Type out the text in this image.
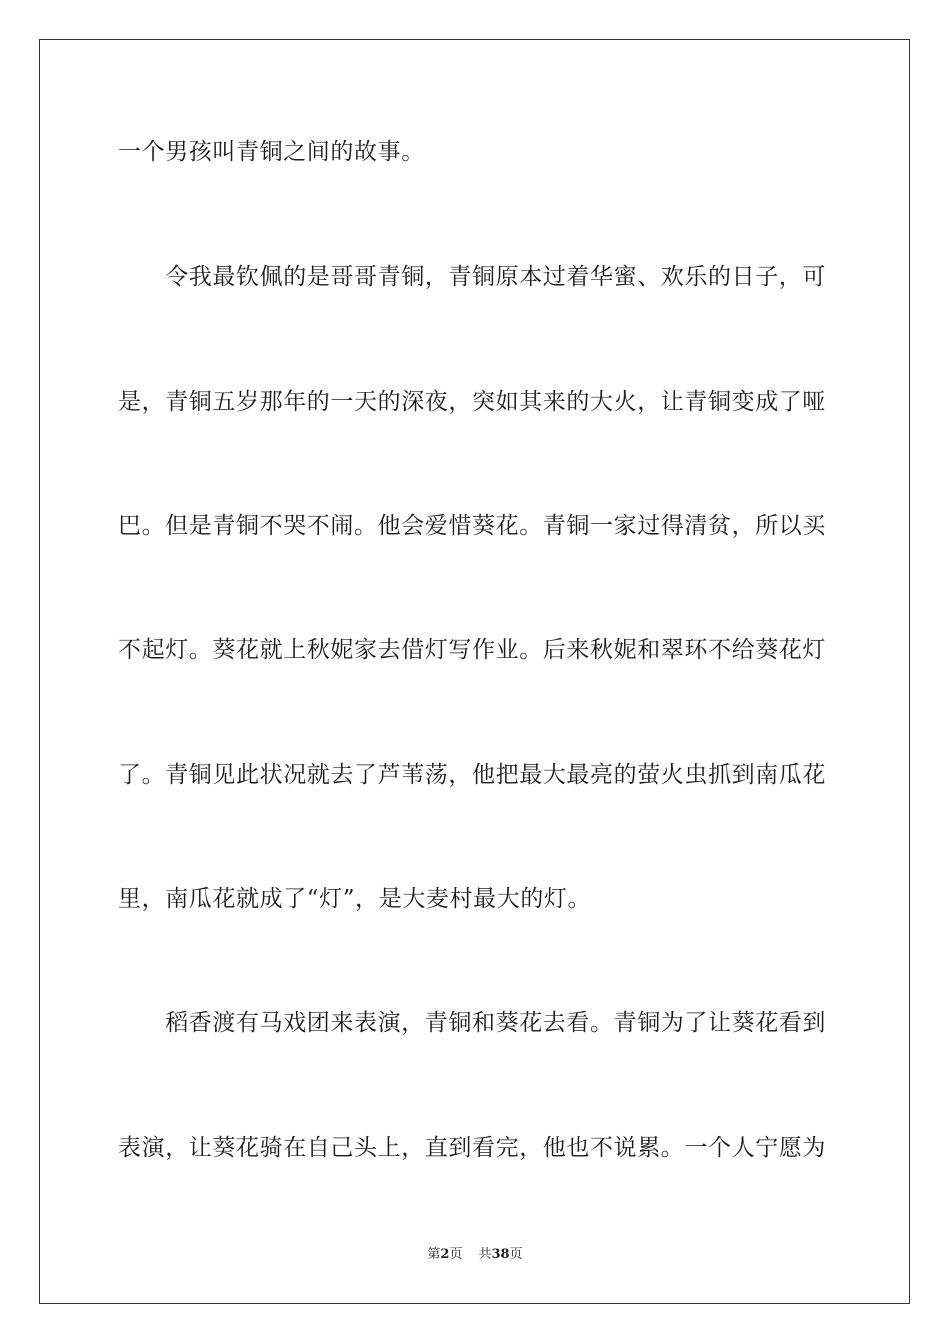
一个男孩叫青铜之间的故事。
　　令我最钦佩的是哥哥青铜，青铜原本过着华蜜、欢乐的日子，可
是，青铜五岁那年的一天的深夜，突如其来的大火，让青铜变成了哑
巴。但是青铜不哭不闹。他会爱惜葵花。青铜一家过得清贫，所以买
不起灯。葵花就上秋妮家去借灯写作业。后来秋妮和翠环不给葵花灯
了。青铜见此状况就去了芦苇荡，他把最大最亮的萤火虫抓到南瓜花
里，南瓜花就成了“灯”，是大麦村最大的灯。
　　稻香渡有马戏团来表演，青铜和葵花去看。青铜为了让葵花看到
表演，让葵花骑在自己头上，直到看完，他也不说累。一个人宁愿为
第2页 共38页
